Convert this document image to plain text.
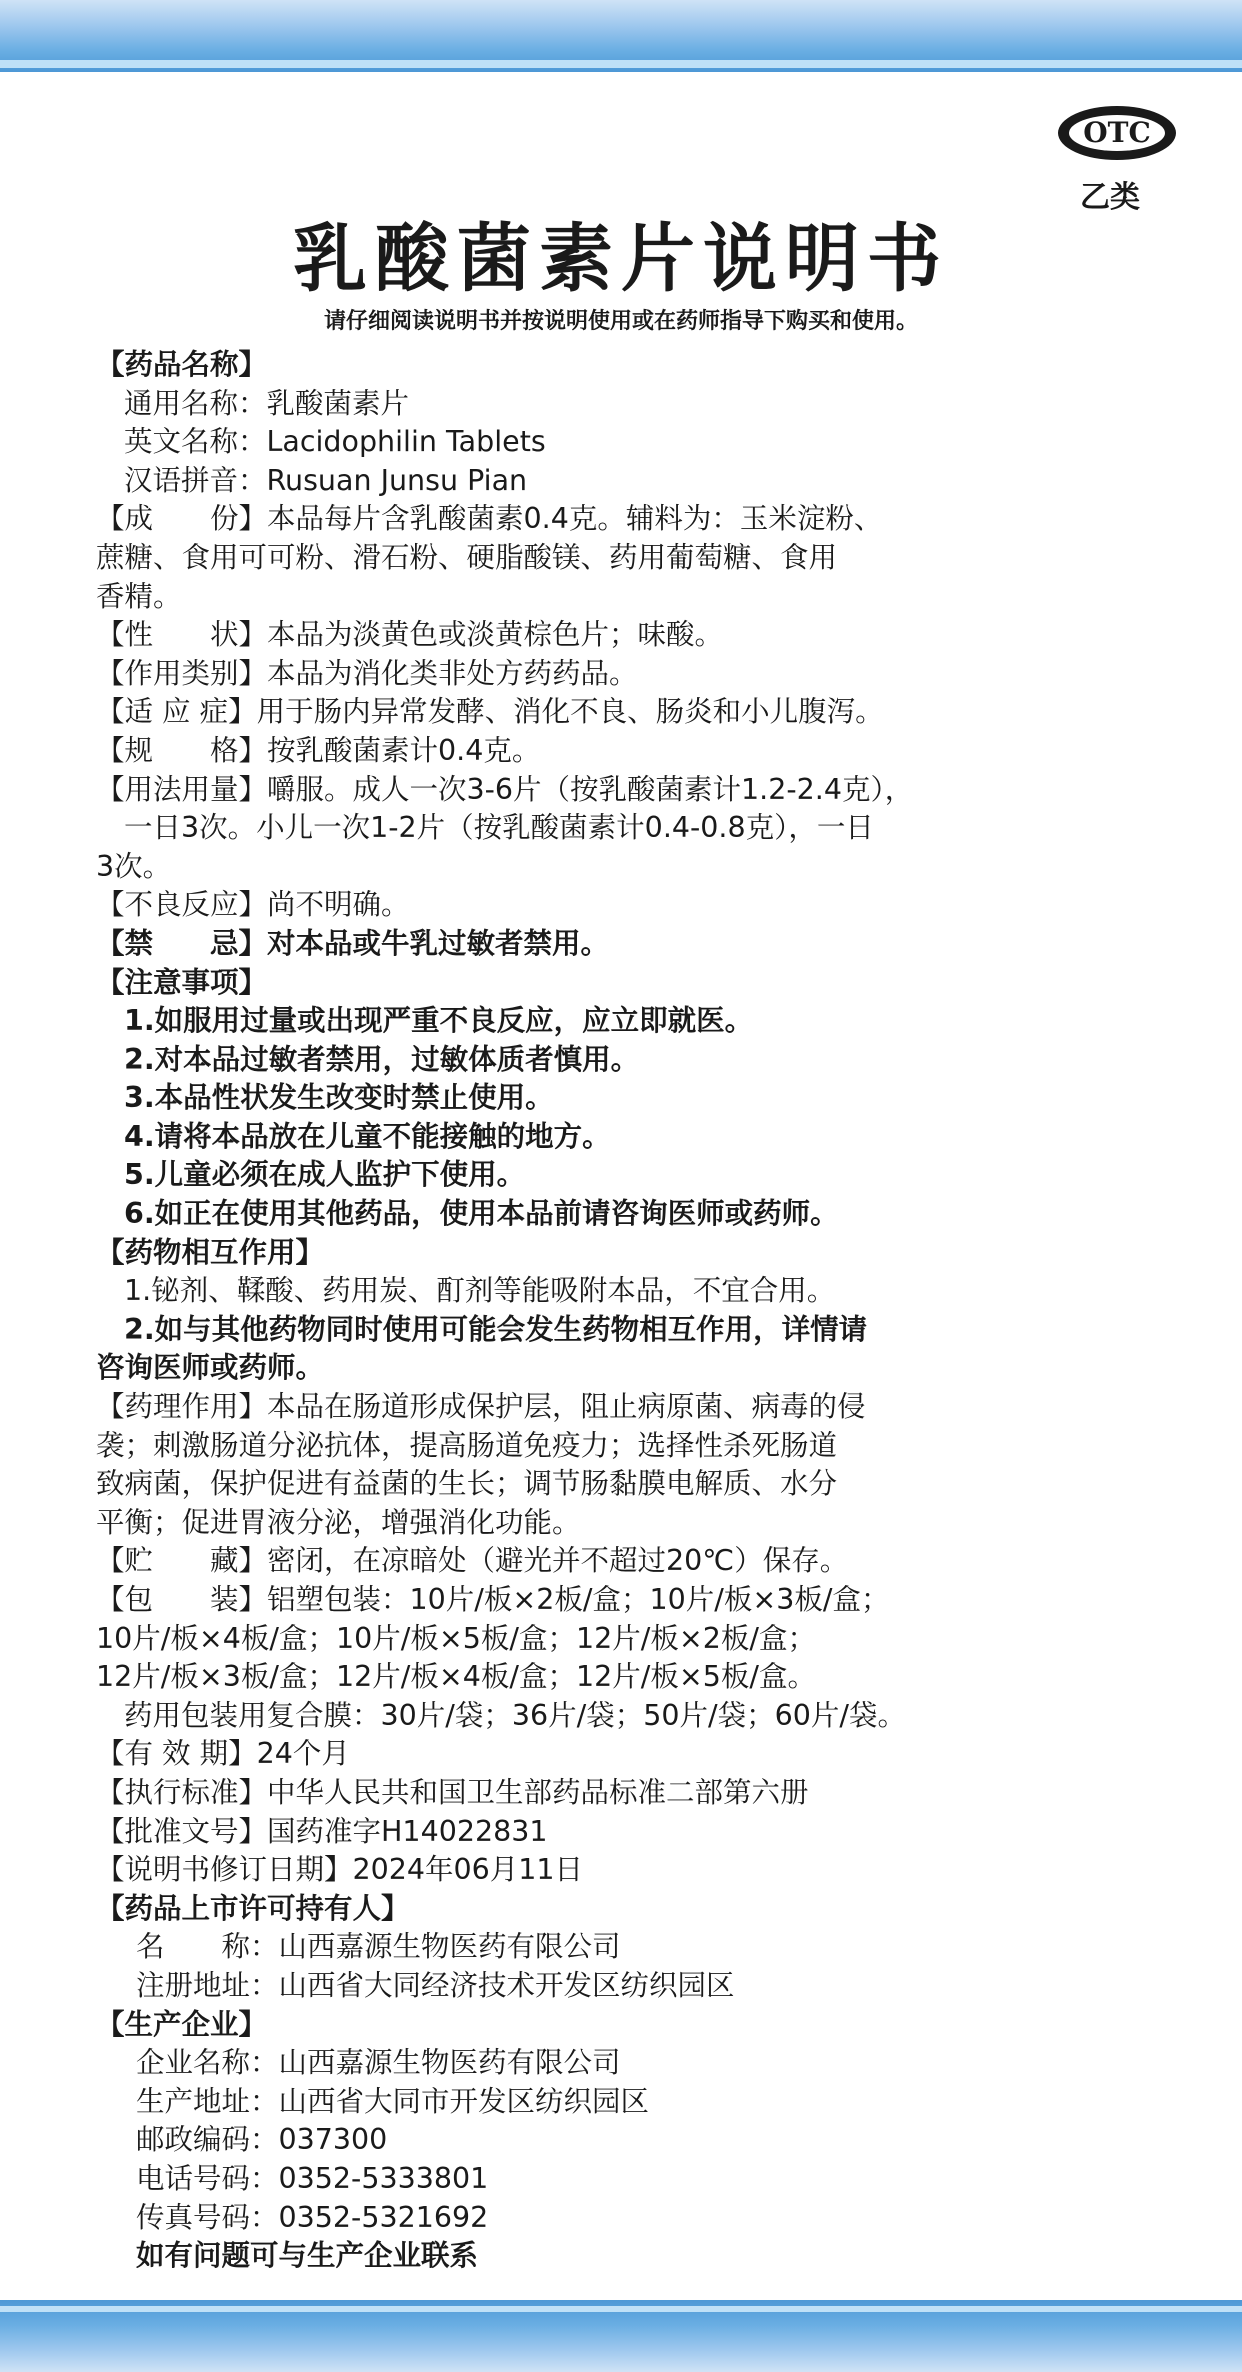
OTC
乙类
乳酸菌素片说明书
请仔细阅读说明书并按说明使用或在药师指导下购买和使用。
【药品名称】
通用名称：乳酸菌素片
英文名称：Lacidophilin Tablets
汉语拼音：Rusuan Junsu Pian
【成　　份】本品每片含乳酸菌素0.4克。辅料为：玉米淀粉、
蔗糖、食用可可粉、滑石粉、硬脂酸镁、药用葡萄糖、食用
香精。
【性　　状】本品为淡黄色或淡黄棕色片；味酸。
【作用类别】本品为消化类非处方药药品。
【适 应 症】用于肠内异常发酵、消化不良、肠炎和小儿腹泻。
【规　　格】按乳酸菌素计0.4克。
【用法用量】嚼服。成人一次3-6片（按乳酸菌素计1.2-2.4克），
一日3次。小儿一次1-2片（按乳酸菌素计0.4-0.8克），一日
3次。
【不良反应】尚不明确。
【禁　　忌】对本品或牛乳过敏者禁用。
【注意事项】
1.如服用过量或出现严重不良反应，应立即就医。
2.对本品过敏者禁用，过敏体质者慎用。
3.本品性状发生改变时禁止使用。
4.请将本品放在儿童不能接触的地方。
5.儿童必须在成人监护下使用。
6.如正在使用其他药品，使用本品前请咨询医师或药师。
【药物相互作用】
1.铋剂、鞣酸、药用炭、酊剂等能吸附本品，不宜合用。
2.如与其他药物同时使用可能会发生药物相互作用，详情请
咨询医师或药师。
【药理作用】本品在肠道形成保护层，阻止病原菌、病毒的侵
袭；刺激肠道分泌抗体，提高肠道免疫力；选择性杀死肠道
致病菌，保护促进有益菌的生长；调节肠黏膜电解质、水分
平衡；促进胃液分泌，增强消化功能。
【贮　　藏】密闭，在凉暗处（避光并不超过20℃）保存。
【包　　装】铝塑包装：10片/板×2板/盒；10片/板×3板/盒；
10片/板×4板/盒；10片/板×5板/盒；12片/板×2板/盒；
12片/板×3板/盒；12片/板×4板/盒；12片/板×5板/盒。
药用包装用复合膜：30片/袋；36片/袋；50片/袋；60片/袋。
【有 效 期】24个月
【执行标准】中华人民共和国卫生部药品标准二部第六册
【批准文号】国药准字H14022831
【说明书修订日期】2024年06月11日
【药品上市许可持有人】
名　　称：山西嘉源生物医药有限公司
注册地址：山西省大同经济技术开发区纺织园区
【生产企业】
企业名称：山西嘉源生物医药有限公司
生产地址：山西省大同市开发区纺织园区
邮政编码：037300
电话号码：0352-5333801
传真号码：0352-5321692
如有问题可与生产企业联系
